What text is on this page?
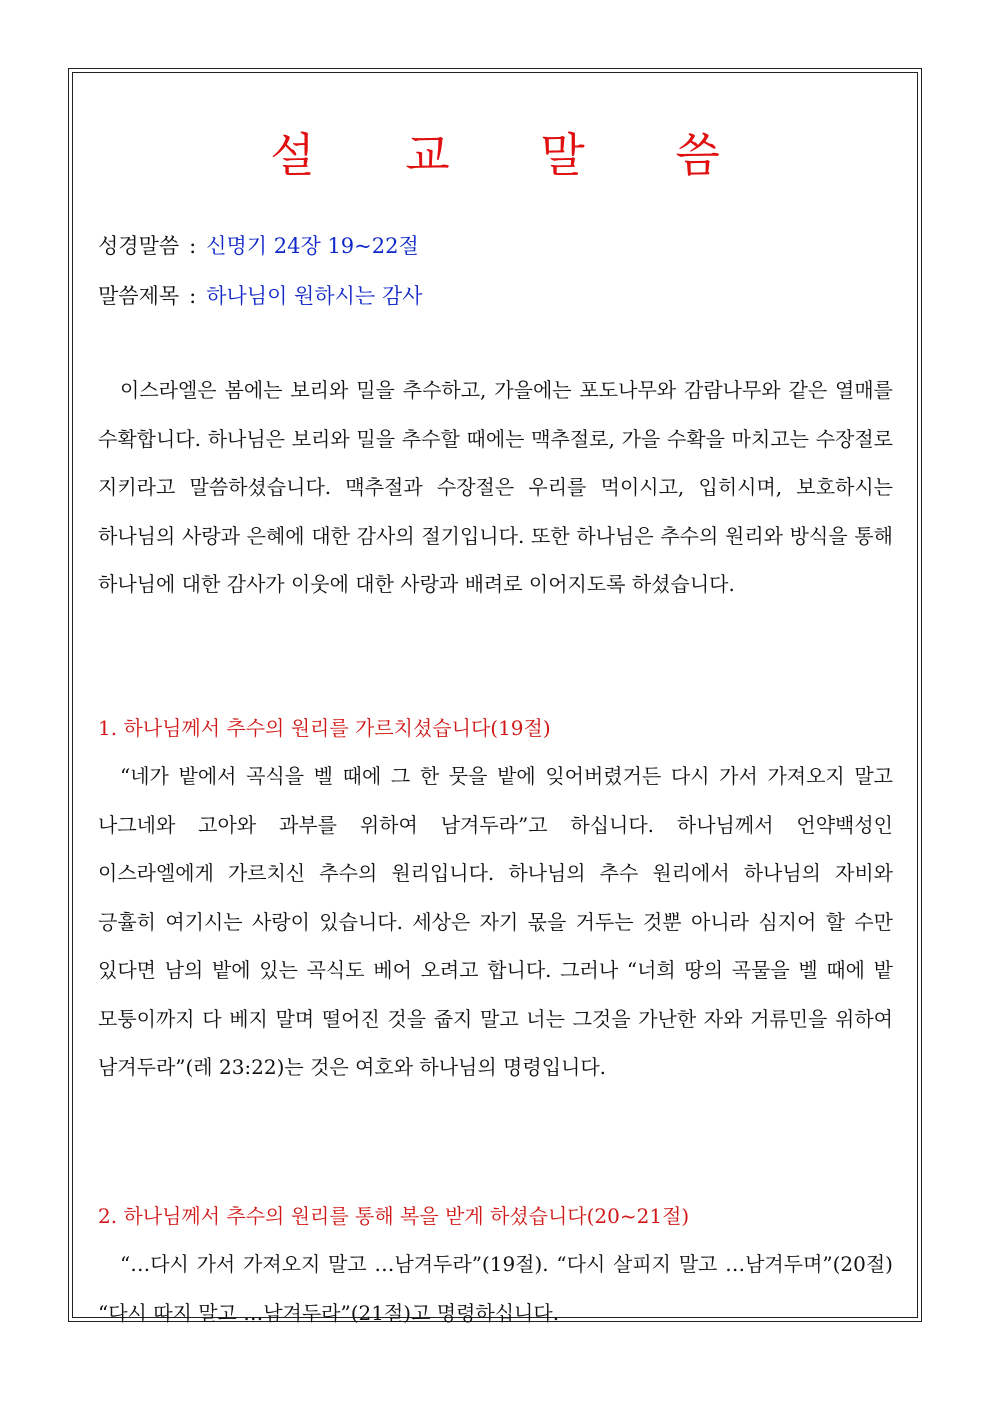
설 교 말 씀
성경말씀 : 신명기 24장 19~22절
말씀제목 : 하나님이 원하시는 감사

이스라엘은 봄에는 보리와 밀을 추수하고, 가을에는 포도나무와 감람나무와 같은 열매를 수확합니다. 하나님은 보리와 밀을 추수할 때에는 맥추절로, 가을 수확을 마치고는 수장절로 지키라고 말씀하셨습니다. 맥추절과 수장절은 우리를 먹이시고, 입히시며, 보호하시는 하나님의 사랑과 은혜에 대한 감사의 절기입니다. 또한 하나님은 추수의 원리와 방식을 통해 하나님에 대한 감사가 이웃에 대한 사랑과 배려로 이어지도록 하셨습니다.

1. 하나님께서 추수의 원리를 가르치셨습니다(19절)

“네가 밭에서 곡식을 벨 때에 그 한 뭇을 밭에 잊어버렸거든 다시 가서 가져오지 말고 나그네와 고아와 과부를 위하여 남겨두라”고 하십니다. 하나님께서 언약백성인 이스라엘에게 가르치신 추수의 원리입니다. 하나님의 추수 원리에서 하나님의 자비와 긍휼히 여기시는 사랑이 있습니다. 세상은 자기 몫을 거두는 것뿐 아니라 심지어 할 수만 있다면 남의 밭에 있는 곡식도 베어 오려고 합니다. 그러나 “너희 땅의 곡물을 벨 때에 밭 모퉁이까지 다 베지 말며 떨어진 것을 줍지 말고 너는 그것을 가난한 자와 거류민을 위하여 남겨두라”(레 23:22)는 것은 여호와 하나님의 명령입니다.

2. 하나님께서 추수의 원리를 통해 복을 받게 하셨습니다(20~21절)

“…다시 가서 가져오지 말고 …남겨두라”(19절). “다시 살피지 말고 …남겨두며”(20절) “다시 따지 말고 …남겨두라”(21절)고 명령하십니다.
